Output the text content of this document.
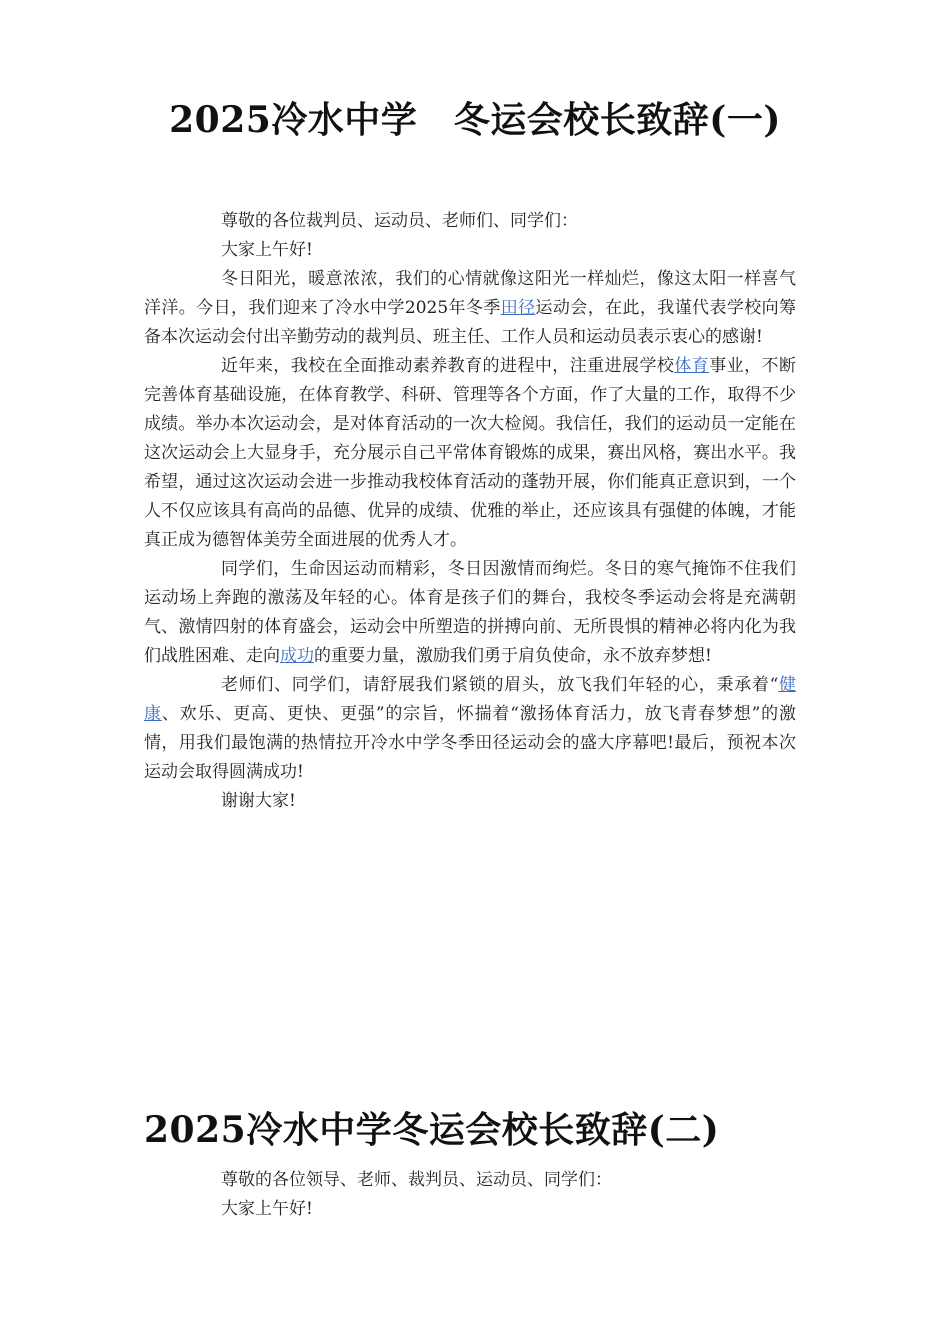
2025冷水中学　冬运会校长致辞(一)

尊敬的各位裁判员、运动员、老师们、同学们：

大家上午好!

冬日阳光，暖意浓浓，我们的心情就像这阳光一样灿烂，像这太阳一样喜气洋洋。今日，我们迎来了冷水中学2025年冬季田径运动会，在此，我谨代表学校向筹备本次运动会付出辛勤劳动的裁判员、班主任、工作人员和运动员表示衷心的感谢!

近年来，我校在全面推动素养教育的进程中，注重进展学校体育事业，不断完善体育基础设施，在体育教学、科研、管理等各个方面，作了大量的工作，取得不少成绩。举办本次运动会，是对体育活动的一次大检阅。我信任，我们的运动员一定能在这次运动会上大显身手，充分展示自己平常体育锻炼的成果，赛出风格，赛出水平。我希望，通过这次运动会进一步推动我校体育活动的蓬勃开展，你们能真正意识到，一个人不仅应该具有高尚的品德、优异的成绩、优雅的举止，还应该具有强健的体魄，才能真正成为德智体美劳全面进展的优秀人才。

同学们，生命因运动而精彩，冬日因激情而绚烂。冬日的寒气掩饰不住我们运动场上奔跑的激荡及年轻的心。体育是孩子们的舞台，我校冬季运动会将是充满朝气、激情四射的体育盛会，运动会中所塑造的拼搏向前、无所畏惧的精神必将内化为我们战胜困难、走向成功的重要力量，激励我们勇于肩负使命，永不放弃梦想!

老师们、同学们，请舒展我们紧锁的眉头，放飞我们年轻的心，秉承着“健康、欢乐、更高、更快、更强”的宗旨，怀揣着“激扬体育活力，放飞青春梦想”的激情，用我们最饱满的热情拉开冷水中学冬季田径运动会的盛大序幕吧!最后，预祝本次运动会取得圆满成功!

谢谢大家!

2025冷水中学冬运会校长致辞(二)

尊敬的各位领导、老师、裁判员、运动员、同学们：

大家上午好!
